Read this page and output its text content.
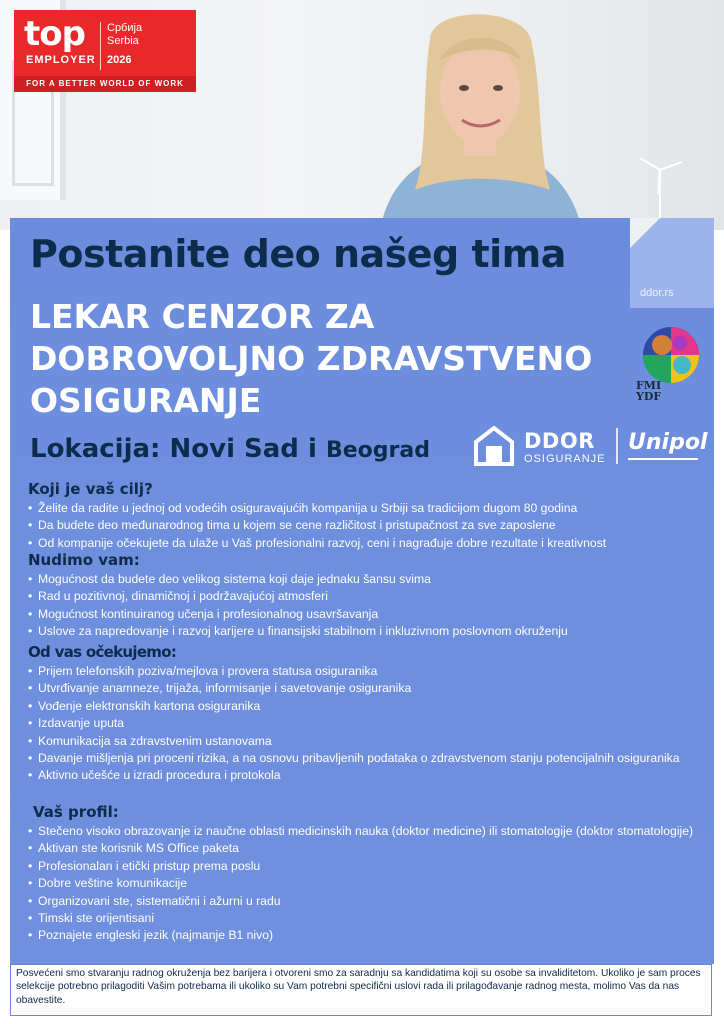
top
EMPLOYER
Србија
Serbia
2026
FOR A BETTER WORLD OF WORK
ddor.rs
Postanite deo našeg tima
LEKAR CENZOR ZA
DOBROVOLJNO ZDRAVSTVENO
OSIGURANJE
Lokacija: Novi Sad i Beograd
FMI
YDF
DDOR
OSIGURANJE
Unipol
Koji je vaš cilj?
• Želite da radite u jednoj od vodećih osiguravajućih kompanija u Srbiji sa tradicijom dugom 80 godina
• Da budete deo međunarodnog tima u kojem se cene različitost i pristupačnost za sve zaposlene
• Od kompanije očekujete da ulaže u Vaš profesionalni razvoj, ceni i nagrađuje dobre rezultate i kreativnost
Nudimo vam:
• Mogućnost da budete deo velikog sistema koji daje jednaku šansu svima
• Rad u pozitivnoj, dinamičnoj i podržavajućoj atmosferi
• Mogućnost kontinuiranog učenja i profesionalnog usavršavanja
• Uslove za napredovanje i razvoj karijere u finansijski stabilnom i inkluzivnom poslovnom okruženju
Od vas očekujemo:
• Prijem telefonskih poziva/mejlova i provera statusa osiguranika
• Utvrđivanje anamneze, trijaža, informisanje i savetovanje osiguranika
• Vođenje elektronskih kartona osiguranika
• Izdavanje uputa
• Komunikacija sa zdravstvenim ustanovama
• Davanje mišljenja pri proceni rizika, a na osnovu pribavljenih podataka o zdravstvenom stanju potencijalnih osiguranika
• Aktivno učešće u izradi procedura i protokola
Vaš profil:
• Stečeno visoko obrazovanje iz naučne oblasti medicinskih nauka (doktor medicine) ili stomatologije (doktor stomatologije)
• Aktivan ste korisnik MS Office paketa
• Profesionalan i etički pristup prema poslu
• Dobre veštine komunikacije
• Organizovani ste, sistematični i ažurni u radu
• Timski ste orijentisani
• Poznajete engleski jezik (najmanje B1 nivo)
Posvećeni smo stvaranju radnog okruženja bez barijera i otvoreni smo za saradnju sa kandidatima koji su osobe sa invaliditetom. Ukoliko je sam proces selekcije potrebno prilagoditi Vašim potrebama ili ukoliko su Vam potrebni specifični uslovi rada ili prilagođavanje radnog mesta, molimo Vas da nas obavestite.
